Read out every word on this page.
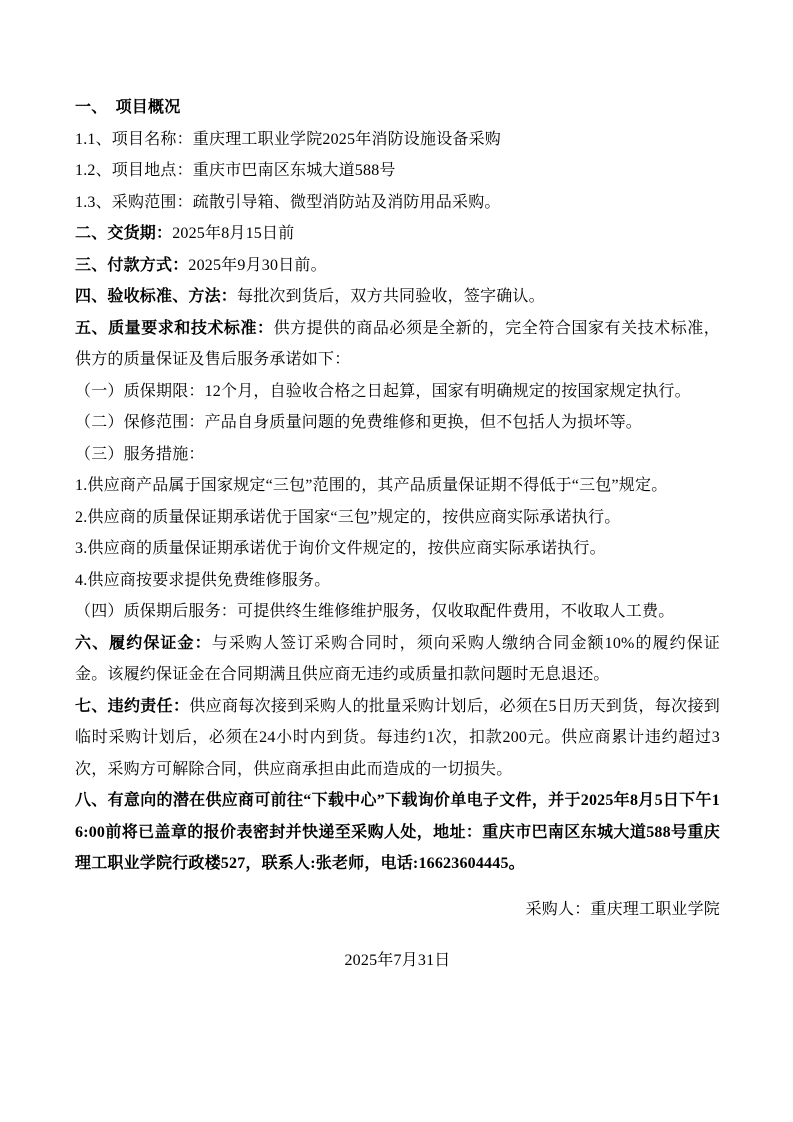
一、　项目概况

1.1、项目名称：重庆理工职业学院2025年消防设施设备采购

1.2、项目地点：重庆市巴南区东城大道588号

1.3、采购范围：疏散引导箱、微型消防站及消防用品采购。

二、交货期：2025年8月15日前

三、付款方式：2025年9月30日前。

四、验收标准、方法：每批次到货后，双方共同验收，签字确认。

五、质量要求和技术标准：供方提供的商品必须是全新的，完全符合国家有关技术标准，供方的质量保证及售后服务承诺如下：

（一）质保期限：12个月，自验收合格之日起算，国家有明确规定的按国家规定执行。

（二）保修范围：产品自身质量问题的免费维修和更换，但不包括人为损坏等。

（三）服务措施：

1.供应商产品属于国家规定“三包”范围的，其产品质量保证期不得低于“三包”规定。

2.供应商的质量保证期承诺优于国家“三包”规定的，按供应商实际承诺执行。

3.供应商的质量保证期承诺优于询价文件规定的，按供应商实际承诺执行。

4.供应商按要求提供免费维修服务。

（四）质保期后服务：可提供终生维修维护服务，仅收取配件费用，不收取人工费。

六、履约保证金：与采购人签订采购合同时，须向采购人缴纳合同金额10%的履约保证金。该履约保证金在合同期满且供应商无违约或质量扣款问题时无息退还。

七、违约责任：供应商每次接到采购人的批量采购计划后，必须在5日历天到货，每次接到临时采购计划后，必须在24小时内到货。每违约1次，扣款200元。供应商累计违约超过3次，采购方可解除合同，供应商承担由此而造成的一切损失。

八、有意向的潜在供应商可前往“下载中心”下载询价单电子文件，并于2025年8月5日下午16:00前将已盖章的报价表密封并快递至采购人处，地址：重庆市巴南区东城大道588号重庆理工职业学院行政楼527，联系人:张老师，电话:16623604445。

采购人：重庆理工职业学院
2025年7月31日
